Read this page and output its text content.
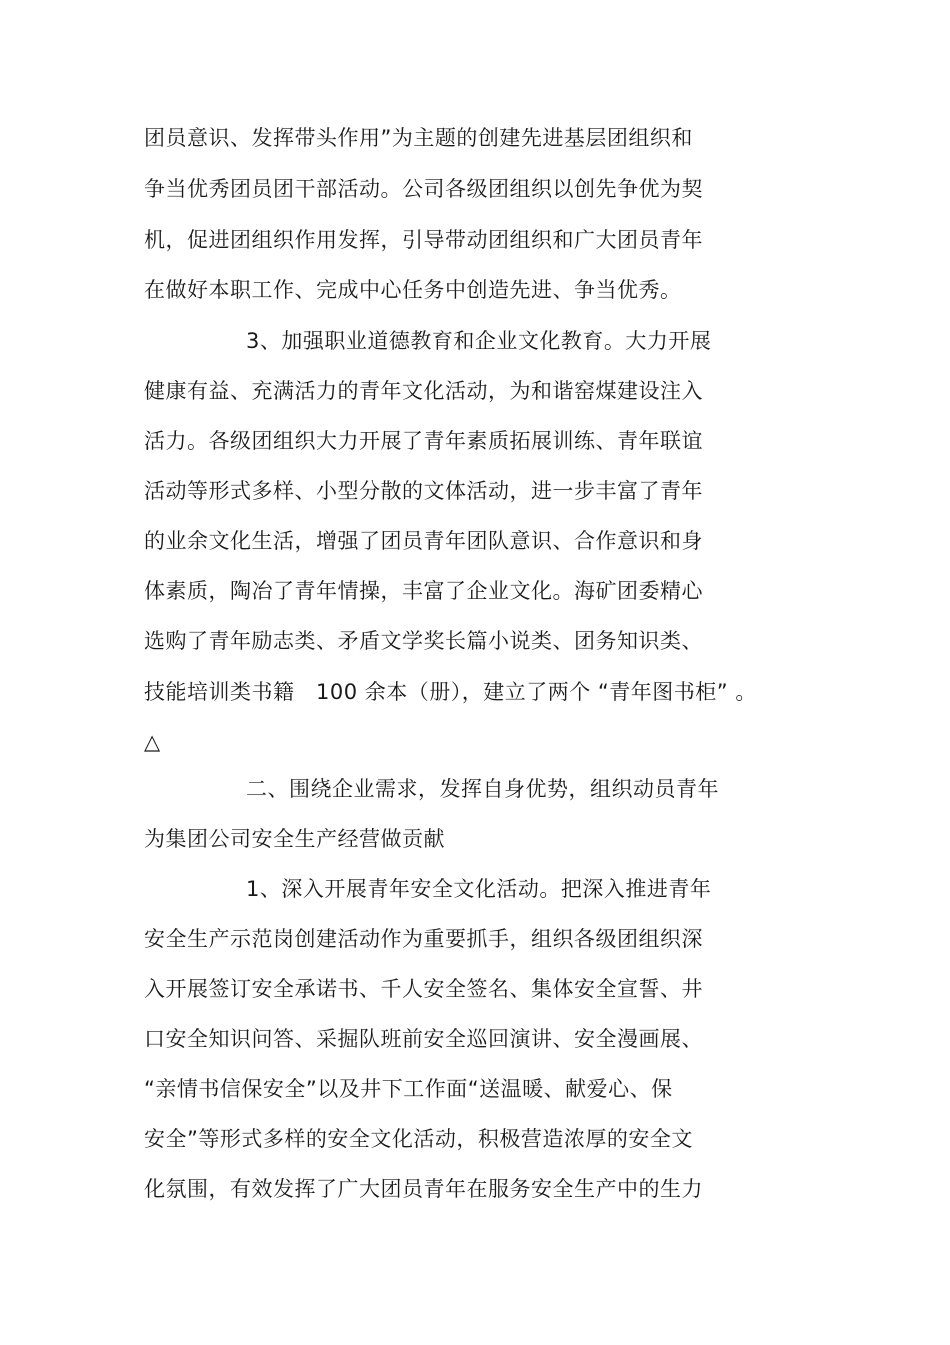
团员意识、发挥带头作用”为主题的创建先进基层团组织和
争当优秀团员团干部活动。公司各级团组织以创先争优为契
机，促进团组织作用发挥，引导带动团组织和广大团员青年
在做好本职工作、完成中心任务中创造先进、争当优秀。
3、加强职业道德教育和企业文化教育。大力开展
健康有益、充满活力的青年文化活动，为和谐窑煤建设注入
活力。各级团组织大力开展了青年素质拓展训练、青年联谊
活动等形式多样、小型分散的文体活动，进一步丰富了青年
的业余文化生活，增强了团员青年团队意识、合作意识和身
体素质，陶冶了青年情操，丰富了企业文化。海矿团委精心
选购了青年励志类、矛盾文学奖长篇小说类、团务知识类、
技能培训类书籍　100 余本（册），建立了两个 “青年图书柜” 。
△
二、围绕企业需求，发挥自身优势，组织动员青年
为集团公司安全生产经营做贡献
1、深入开展青年安全文化活动。把深入推进青年
安全生产示范岗创建活动作为重要抓手，组织各级团组织深
入开展签订安全承诺书、千人安全签名、集体安全宣誓、井
口安全知识问答、采掘队班前安全巡回演讲、安全漫画展、
“亲情书信保安全”以及井下工作面“送温暖、献爱心、保
安全”等形式多样的安全文化活动，积极营造浓厚的安全文
化氛围，有效发挥了广大团员青年在服务安全生产中的生力
